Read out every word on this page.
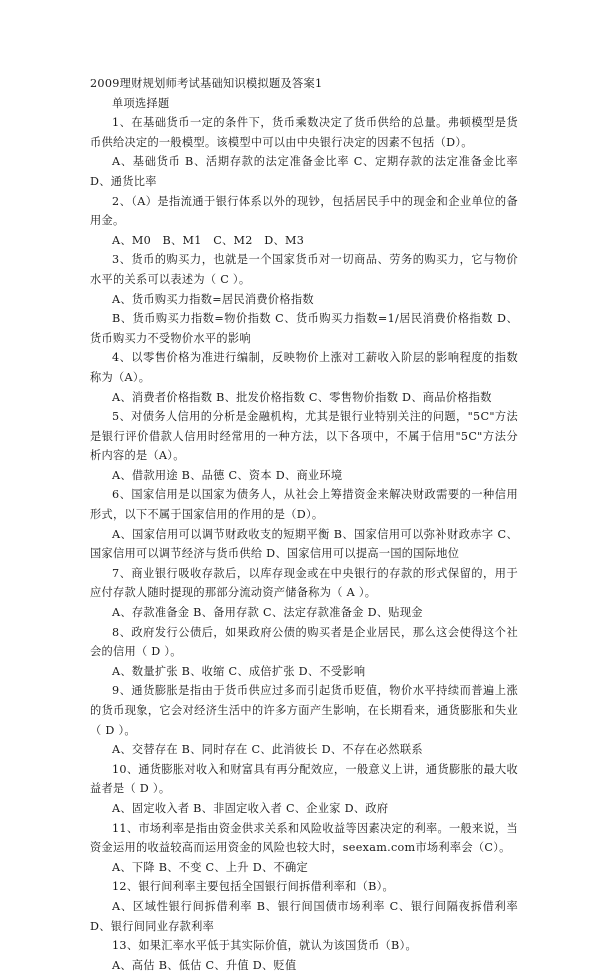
2009理财规划师考试基础知识模拟题及答案1

单项选择题

1、在基础货币一定的条件下，货币乘数决定了货币供给的总量。弗顿模型是货币供给决定的一般模型。该模型中可以由中央银行决定的因素不包括（D）。

A、基础货币 B、活期存款的法定准备金比率 C、定期存款的法定准备金比率 D、通货比率

2、（A）是指流通于银行体系以外的现钞，包括居民手中的现金和企业单位的备用金。

A、M0　B、M1　C、M2　D、M3

3、货币的购买力，也就是一个国家货币对一切商品、劳务的购买力，它与物价水平的关系可以表述为（ C ）。

A、货币购买力指数=居民消费价格指数

B、货币购买力指数=物价指数 C、货币购买力指数=1/居民消费价格指数 D、货币购买力不受物价水平的影响

4、以零售价格为准进行编制，反映物价上涨对工薪收入阶层的影响程度的指数称为（A）。

A、消费者价格指数 B、批发价格指数 C、零售物价指数 D、商品价格指数

5、对债务人信用的分析是金融机构，尤其是银行业特别关注的问题，"5C"方法是银行评价借款人信用时经常用的一种方法，以下各项中，不属于信用"5C"方法分析内容的是（A）。

A、借款用途 B、品德 C、资本 D、商业环境

6、国家信用是以国家为债务人，从社会上筹措资金来解决财政需要的一种信用形式，以下不属于国家信用的作用的是（D）。

A、国家信用可以调节财政收支的短期平衡 B、国家信用可以弥补财政赤字 C、国家信用可以调节经济与货币供给 D、国家信用可以提高一国的国际地位

7、商业银行吸收存款后，以库存现金或在中央银行的存款的形式保留的，用于应付存款人随时提现的那部分流动资产储备称为（ A ）。

A、存款准备金 B、备用存款 C、法定存款准备金 D、贴现金

8、政府发行公债后，如果政府公债的购买者是企业居民，那么这会使得这个社会的信用（ D ）。

A、数量扩张 B、收缩 C、成倍扩张 D、不受影响

9、通货膨胀是指由于货币供应过多而引起货币贬值，物价水平持续而普遍上涨的货币现象，它会对经济生活中的许多方面产生影响，在长期看来，通货膨胀和失业（ D ）。

A、交替存在 B、同时存在 C、此消彼长 D、不存在必然联系

10、通货膨胀对收入和财富具有再分配效应，一般意义上讲，通货膨胀的最大收益者是（ D ）。

A、固定收入者 B、非固定收入者 C、企业家 D、政府

11、市场利率是指由资金供求关系和风险收益等因素决定的利率。一般来说，当资金运用的收益较高而运用资金的风险也较大时，seexam.com市场利率会（C）。

A、下降 B、不变 C、上升 D、不确定

12、银行间利率主要包括全国银行间拆借利率和（B）。

A、区域性银行间拆借利率 B、银行间国债市场利率 C、银行间隔夜拆借利率 D、银行间同业存款利率

13、如果汇率水平低于其实际价值，就认为该国货币（B）。

A、高估 B、低估 C、升值 D、贬值
